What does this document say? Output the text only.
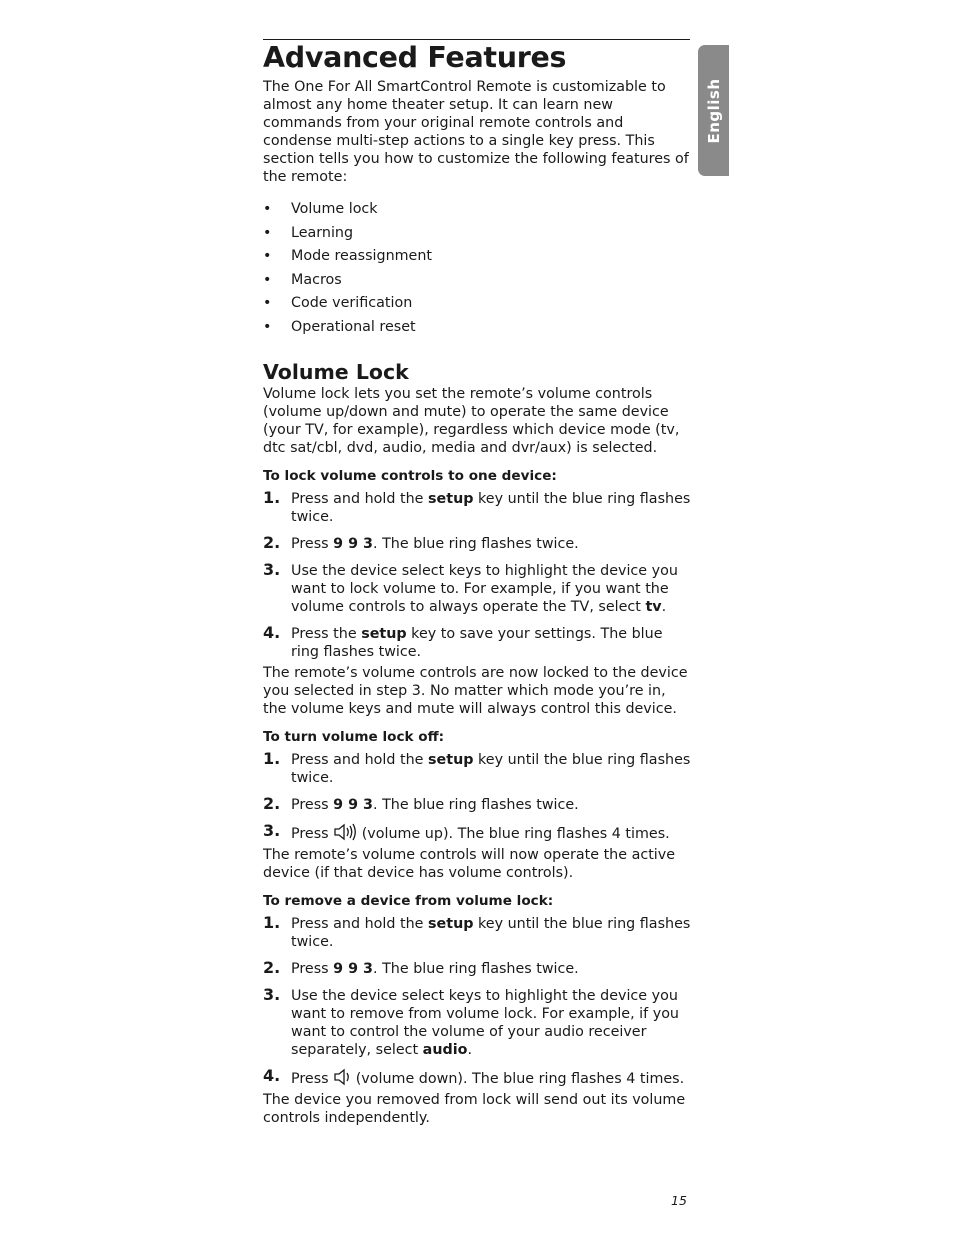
English
Advanced Features

The One For All SmartControl Remote is customizable to almost any home theater setup. It can learn new commands from your original remote controls and condense multi-step actions to a single key press. This section tells you how to customize the following features of the remote:

• Volume lock
• Learning
• Mode reassignment
• Macros
• Code verification
• Operational reset
Volume Lock

Volume lock lets you set the remote’s volume controls (volume up/down and mute) to operate the same device (your TV, for example), regardless which device mode (tv, dtc sat/cbl, dvd, audio, media and dvr/aux) is selected.

To lock volume controls to one device:

1. Press and hold the setup key until the blue ring flashes twice.
2. Press 9 9 3. The blue ring flashes twice.
3. Use the device select keys to highlight the device you want to lock volume to. For example, if you want the volume controls to always operate the TV, select tv.
4. Press the setup key to save your settings. The blue ring flashes twice.

The remote’s volume controls are now locked to the device you selected in step 3. No matter which mode you’re in, the volume keys and mute will always control this device.

To turn volume lock off:

1. Press and hold the setup key until the blue ring flashes twice.
2. Press 9 9 3. The blue ring flashes twice.
3. Press  (volume up). The blue ring flashes 4 times.

The remote’s volume controls will now operate the active device (if that device has volume controls).

To remove a device from volume lock:

1. Press and hold the setup key until the blue ring flashes twice.
2. Press 9 9 3. The blue ring flashes twice.
3. Use the device select keys to highlight the device you want to remove from volume lock. For example, if you want to control the volume of your audio receiver separately, select audio.
4. Press  (volume down). The blue ring flashes 4 times.

The device you removed from lock will send out its volume controls independently.

15
